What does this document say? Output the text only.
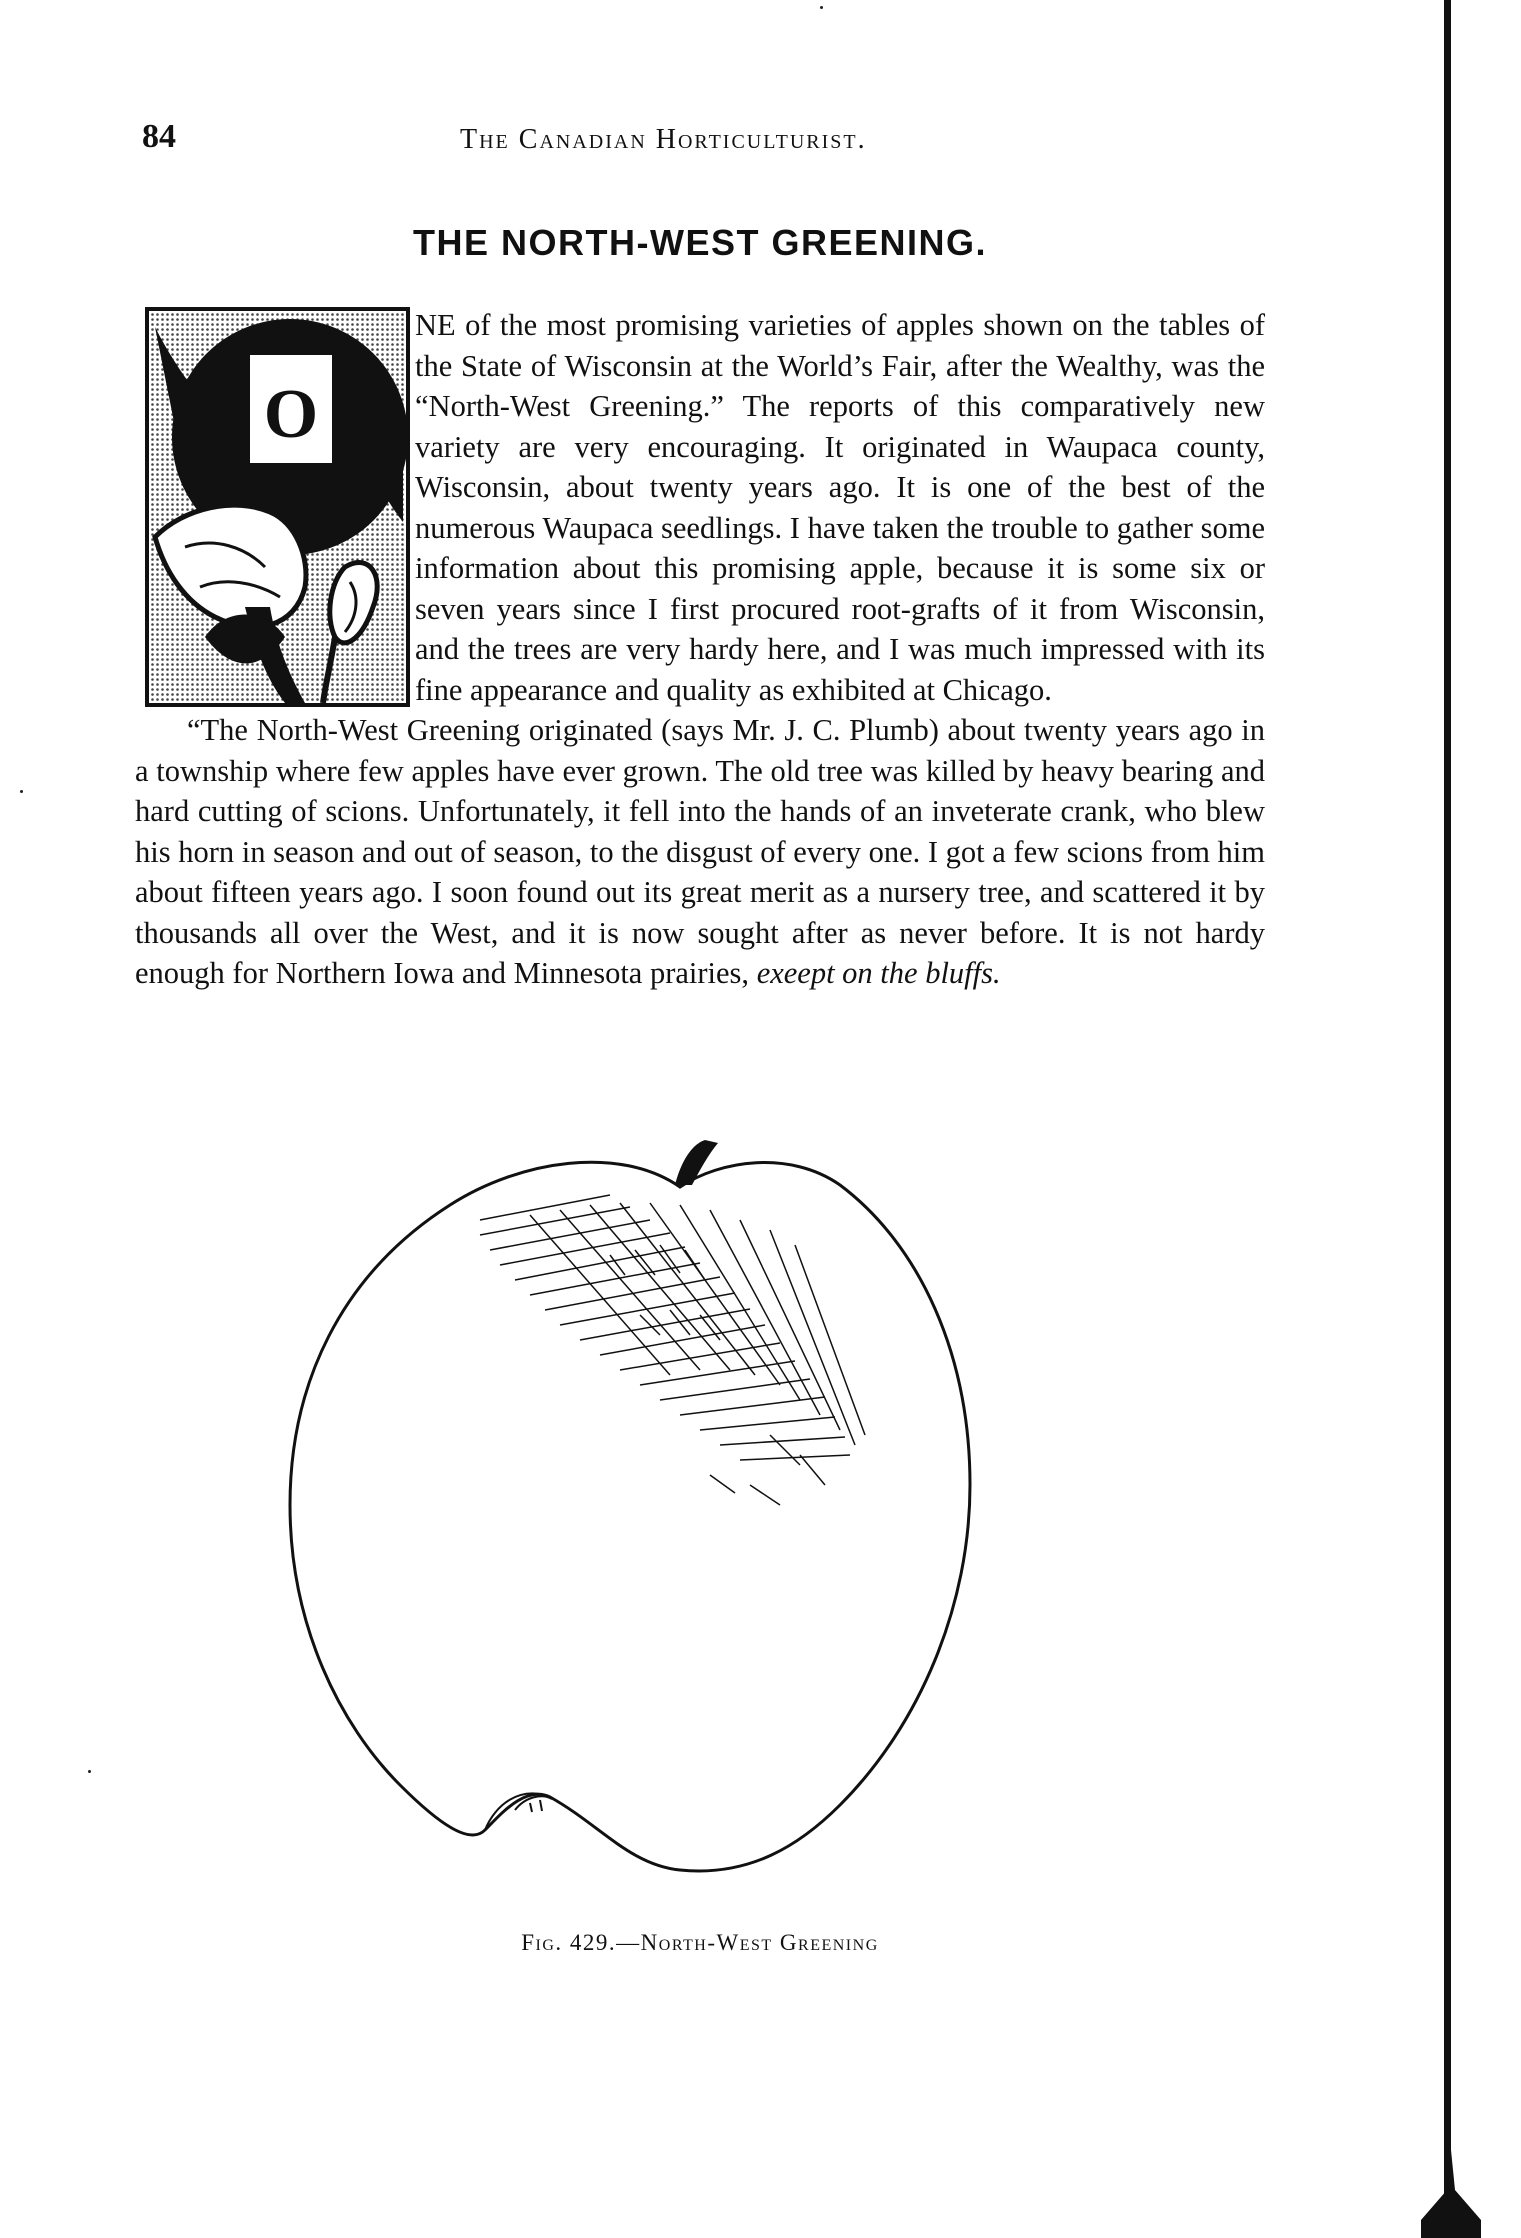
84	The Canadian Horticulturist.
THE NORTH-WEST GREENING.
O

NE of the most promising varieties of apples shown on the tables of the State of Wisconsin at the World’s Fair, after the Wealthy, was the “North-West Greening.” The reports of this comparatively new variety are very encouraging. It originated in Waupaca county, Wisconsin, about twenty years ago. It is one of the best of the numerous Waupaca seedlings. I have taken the trouble to gather some information about this promising apple, because it is some six or seven years since I first procured root-grafts of it from Wisconsin, and the trees are very hardy here, and I was much impressed with its fine appearance and quality as exhibited at Chicago.

“The North-West Greening originated (says Mr. J. C. Plumb) about twenty years ago in a township where few apples have ever grown. The old tree was killed by heavy bearing and hard cutting of scions. Unfortunately, it fell into the hands of an inveterate crank, who blew his horn in season and out of season, to the disgust of every one. I got a few scions from him about fifteen years ago. I soon found out its great merit as a nursery tree, and scattered it by thousands all over the West, and it is now sought after as never before. It is not hardy enough for Northern Iowa and Minnesota prairies, exeept on the bluffs.

Fig. 429.—North-West Greening
